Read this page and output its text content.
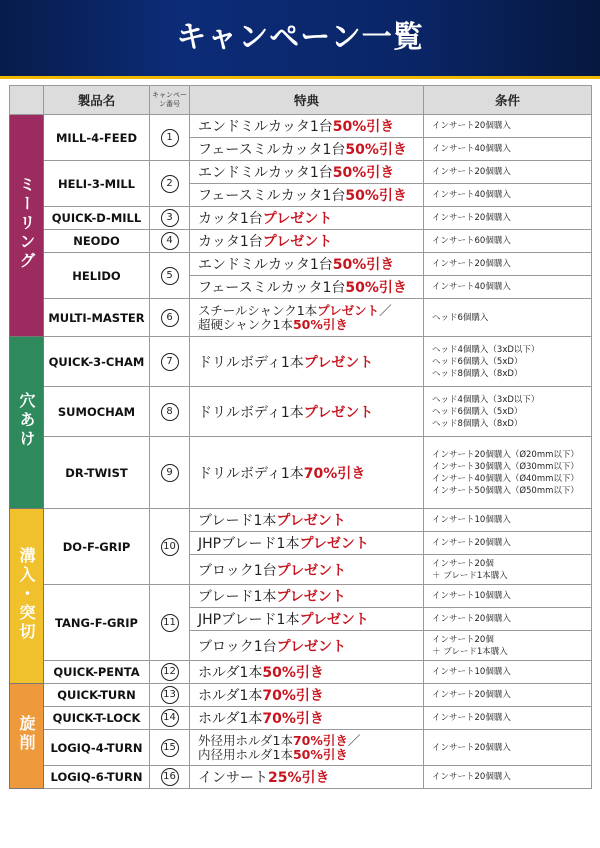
キャンペーン一覧
	製品名	キャンペーン番号	特典	条件
ミーリング	MILL-4-FEED	1	エンドミルカッタ1台50%引き	インサート20個購入
			フェースミルカッタ1台50%引き	インサート40個購入
	HELI-3-MILL	2	エンドミルカッタ1台50%引き	インサート20個購入
			フェースミルカッタ1台50%引き	インサート40個購入
	QUICK-D-MILL	3	カッタ1台プレゼント	インサート20個購入
	NEODO	4	カッタ1台プレゼント	インサート60個購入
	HELIDO	5	エンドミルカッタ1台50%引き	インサート20個購入
			フェースミルカッタ1台50%引き	インサート40個購入
	MULTI-MASTER	6	スチールシャンク1本プレゼント／
超硬シャンク1本50%引き	ヘッド6個購入
穴あけ	QUICK-3-CHAM	7	ドリルボディ1本プレゼント	ヘッド4個購入（3xD以下）
ヘッド6個購入（5xD）
ヘッド8個購入（8xD）
	SUMOCHAM	8	ドリルボディ1本プレゼント	ヘッド4個購入（3xD以下）
ヘッド6個購入（5xD）
ヘッド8個購入（8xD）
	DR-TWIST	9	ドリルボディ1本70%引き	インサート20個購入（Ø20mm以下）
インサート30個購入（Ø30mm以下）
インサート40個購入（Ø40mm以下）
インサート50個購入（Ø50mm以下）
溝入・突切	DO-F-GRIP	10	ブレード1本プレゼント	インサート10個購入
			JHPブレード1本プレゼント	インサート20個購入
			ブロック1台プレゼント	インサート20個
＋ ブレード1本購入
	TANG-F-GRIP	11	ブレード1本プレゼント	インサート10個購入
			JHPブレード1本プレゼント	インサート20個購入
			ブロック1台プレゼント	インサート20個
＋ ブレード1本購入
	QUICK-PENTA	12	ホルダ1本50%引き	インサート10個購入
旋削	QUICK-TURN	13	ホルダ1本70%引き	インサート20個購入
	QUICK-T-LOCK	14	ホルダ1本70%引き	インサート20個購入
	LOGIQ-4-TURN	15	外径用ホルダ1本70%引き／
内径用ホルダ1本50%引き	インサート20個購入
	LOGIQ-6-TURN	16	インサート25%引き	インサート20個購入
